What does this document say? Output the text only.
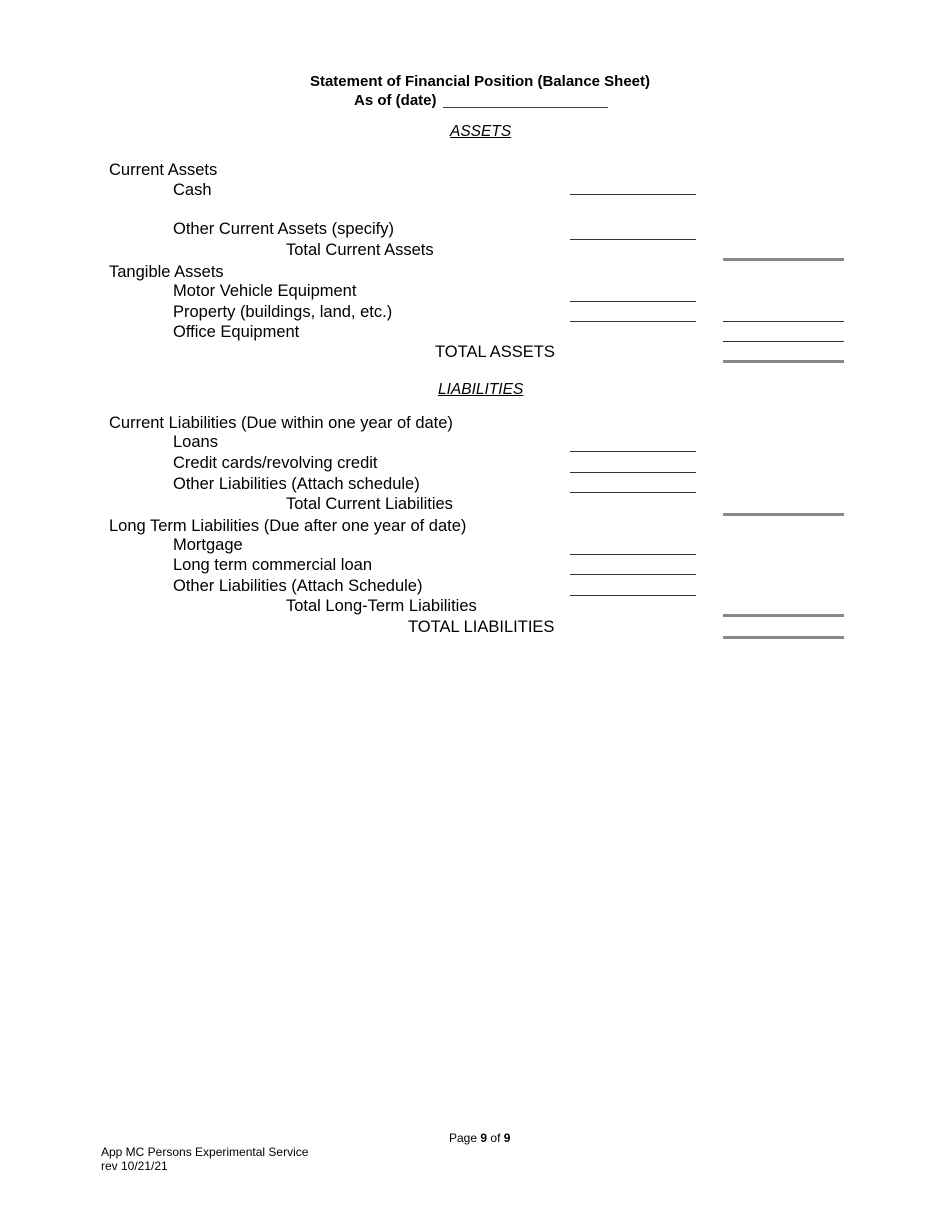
Statement of Financial Position (Balance Sheet)
As of (date)
ASSETS
Current Assets
Cash
Other Current Assets (specify)
Total Current Assets
Tangible Assets
Motor Vehicle Equipment
Property (buildings, land, etc.)
Office Equipment
TOTAL ASSETS
LIABILITIES
Current Liabilities (Due within one year of date)
Loans
Credit cards/revolving credit
Other Liabilities (Attach schedule)
Total Current Liabilities
Long Term Liabilities (Due after one year of date)
Mortgage
Long term commercial loan
Other Liabilities (Attach Schedule)
Total Long-Term Liabilities
TOTAL LIABILITIES
Page 9 of 9
App MC Persons Experimental Service
rev 10/21/21
